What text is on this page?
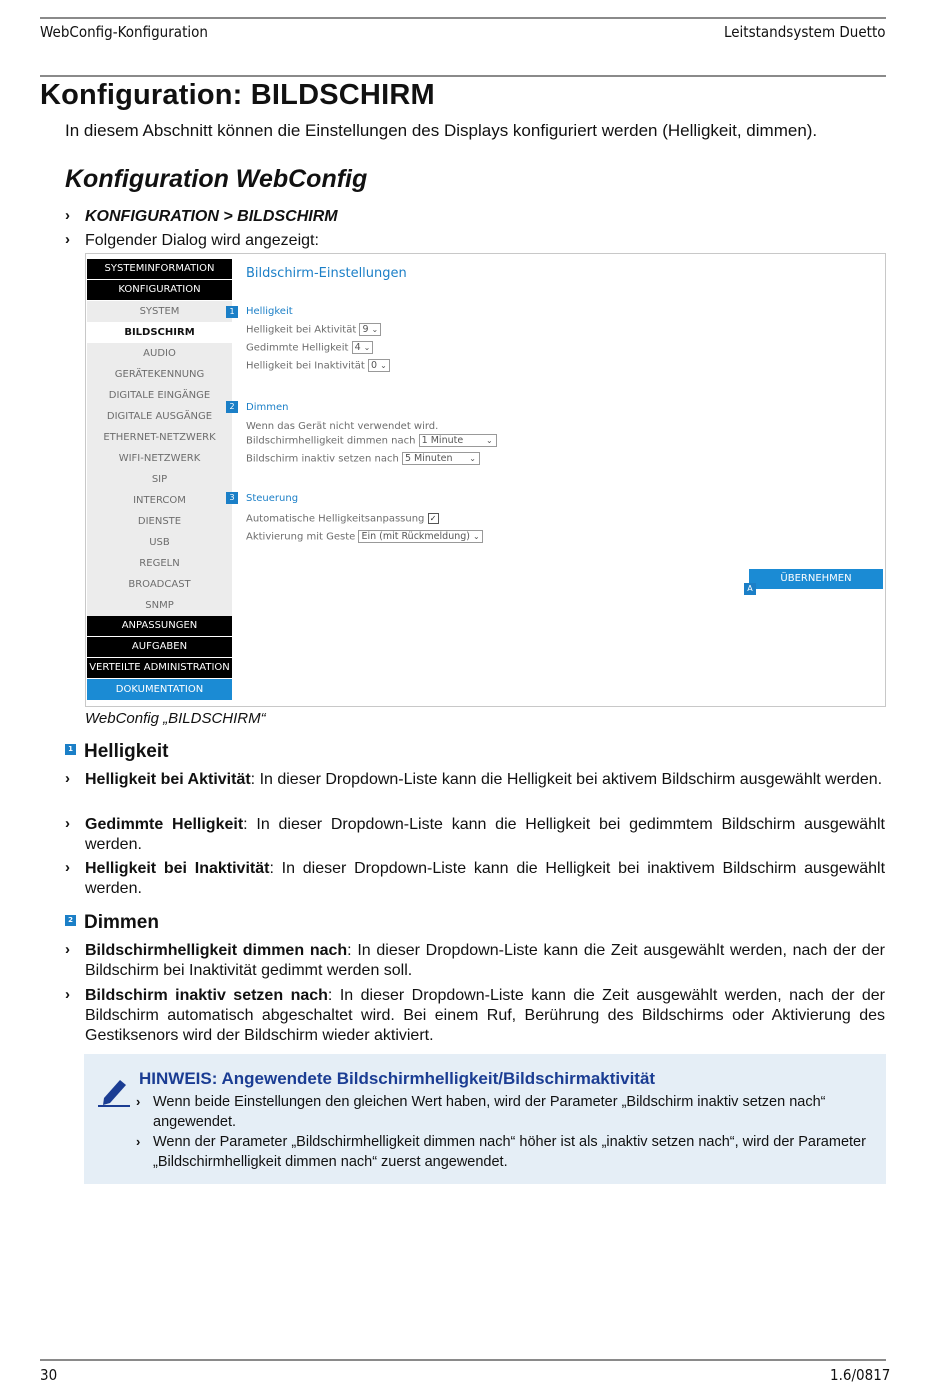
WebConfig-Konfiguration	Leitstandsystem Duetto
Konfiguration: BILDSCHIRM
In diesem Abschnitt können die Einstellungen des Displays konfiguriert werden (Helligkeit, dimmen).
Konfiguration WebConfig
› KONFIGURATION > BILDSCHIRM
› Folgender Dialog wird angezeigt:
SYSTEMINFORMATION
KONFIGURATION
SYSTEM
BILDSCHIRM
AUDIO
GERÄTEKENNUNG
DIGITALE EINGÄNGE
DIGITALE AUSGÄNGE
ETHERNET-NETZWERK
WIFI-NETZWERK
SIP
INTERCOM
DIENSTE
USB
REGELN
BROADCAST
SNMP
ANPASSUNGEN
AUFGABEN
VERTEILTE ADMINISTRATION
DOKUMENTATION
Bildschirm-Einstellungen
1	Helligkeit
Helligkeit bei Aktivität 9 ⌄
Gedimmte Helligkeit 4 ⌄
Helligkeit bei Inaktivität 0 ⌄
2	Dimmen
Wenn das Gerät nicht verwendet wird.
Bildschirmhelligkeit dimmen nach 1 Minute	⌄
Bildschirm inaktiv setzen nach 5 Minuten ⌄
3	Steuerung
Automatische Helligkeitsanpassung ✓
Aktivierung mit Geste Ein (mit Rückmeldung) ⌄
ÜBERNEHMEN
A
WebConfig „BILDSCHIRM“
1 Helligkeit
› Helligkeit bei Aktivität: In dieser Dropdown-Liste kann die Helligkeit bei aktivem Bildschirm ausgewählt werden.
› Gedimmte Helligkeit: In dieser Dropdown-Liste kann die Helligkeit bei gedimmtem Bildschirm ausgewählt werden.
› Helligkeit bei Inaktivität: In dieser Dropdown-Liste kann die Helligkeit bei inaktivem Bildschirm ausgewählt werden.
2 Dimmen
› Bildschirmhelligkeit dimmen nach: In dieser Dropdown-Liste kann die Zeit ausgewählt werden, nach der der Bildschirm bei Inaktivität gedimmt werden soll.
› Bildschirm inaktiv setzen nach: In dieser Dropdown-Liste kann die Zeit ausgewählt werden, nach der der Bildschirm automatisch abgeschaltet wird. Bei einem Ruf, Berührung des Bildschirms oder Aktivierung des Gestiksenors wird der Bildschirm wieder aktiviert.
HINWEIS: Angewendete Bildschirmhelligkeit/Bildschirmaktivität
› Wenn beide Einstellungen den gleichen Wert haben, wird der Parameter „Bildschirm inaktiv setzen nach“ angewendet.
› Wenn der Parameter „Bildschirmhelligkeit dimmen nach“ höher ist als „inaktiv setzen nach“, wird der Parameter „Bildschirmhelligkeit dimmen nach“ zuerst angewendet.
30	1.6/0817
